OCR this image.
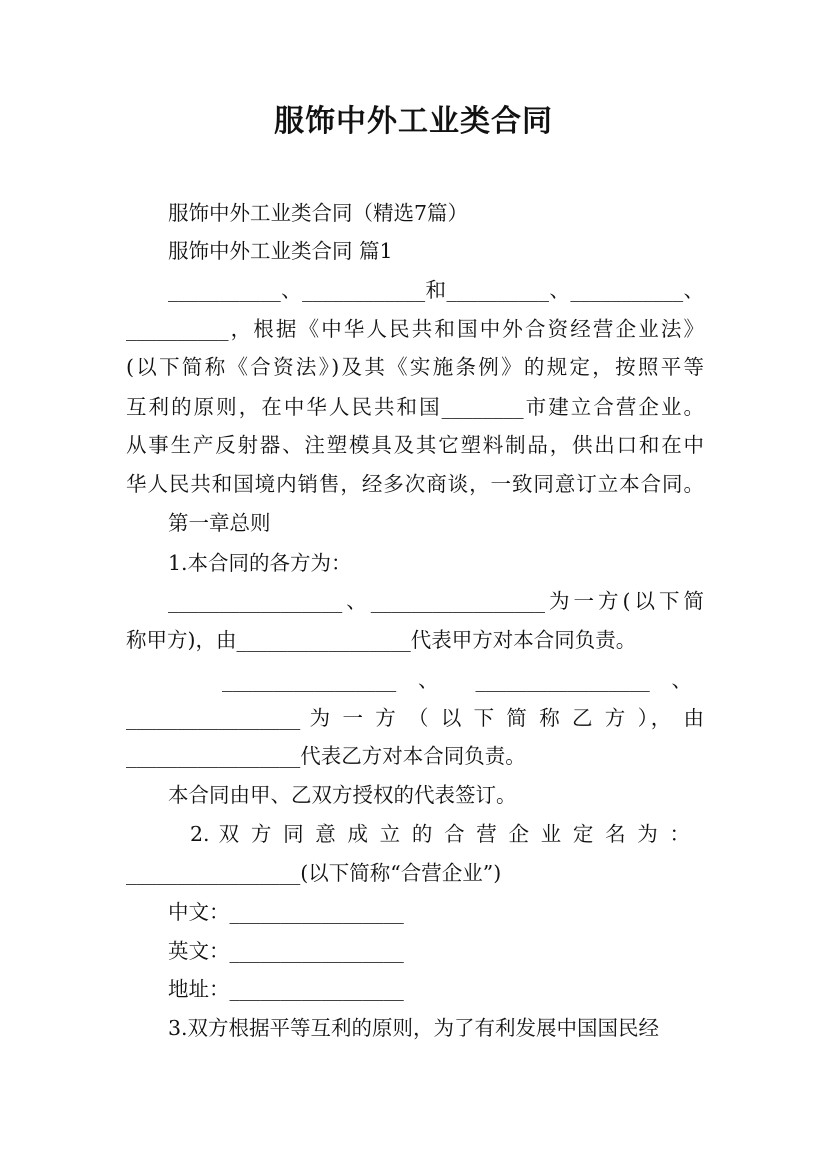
服饰中外工业类合同
服饰中外工业类合同（精选7篇）
服饰中外工业类合同 篇1
___________、____________和__________、___________、
__________，根据《中华人民共和国中外合资经营企业法》
(以下简称《合资法》)及其《实施条例》的规定，按照平等
互利的原则，在中华人民共和国________市建立合营企业。
从事生产反射器、注塑模具及其它塑料制品，供出口和在中
华人民共和国境内销售，经多次商谈，一致同意订立本合同。
第一章总则
1.本合同的各方为：
_________________、_________________为一方(以下简
称甲方)，由_________________代表甲方对本合同负责。
_________________ 、 _________________ 、
_________________ 为 一 方 （ 以 下 简 称 乙 方 ）， 由
_________________代表乙方对本合同负责。
本合同由甲、乙双方授权的代表签订。
2. 双 方 同 意 成 立 的 合 营 企 业 定 名 为 ：
_________________(以下简称“合营企业”)
中文：_________________
英文：_________________
地址：_________________
3.双方根据平等互利的原则，为了有利发展中国国民经
